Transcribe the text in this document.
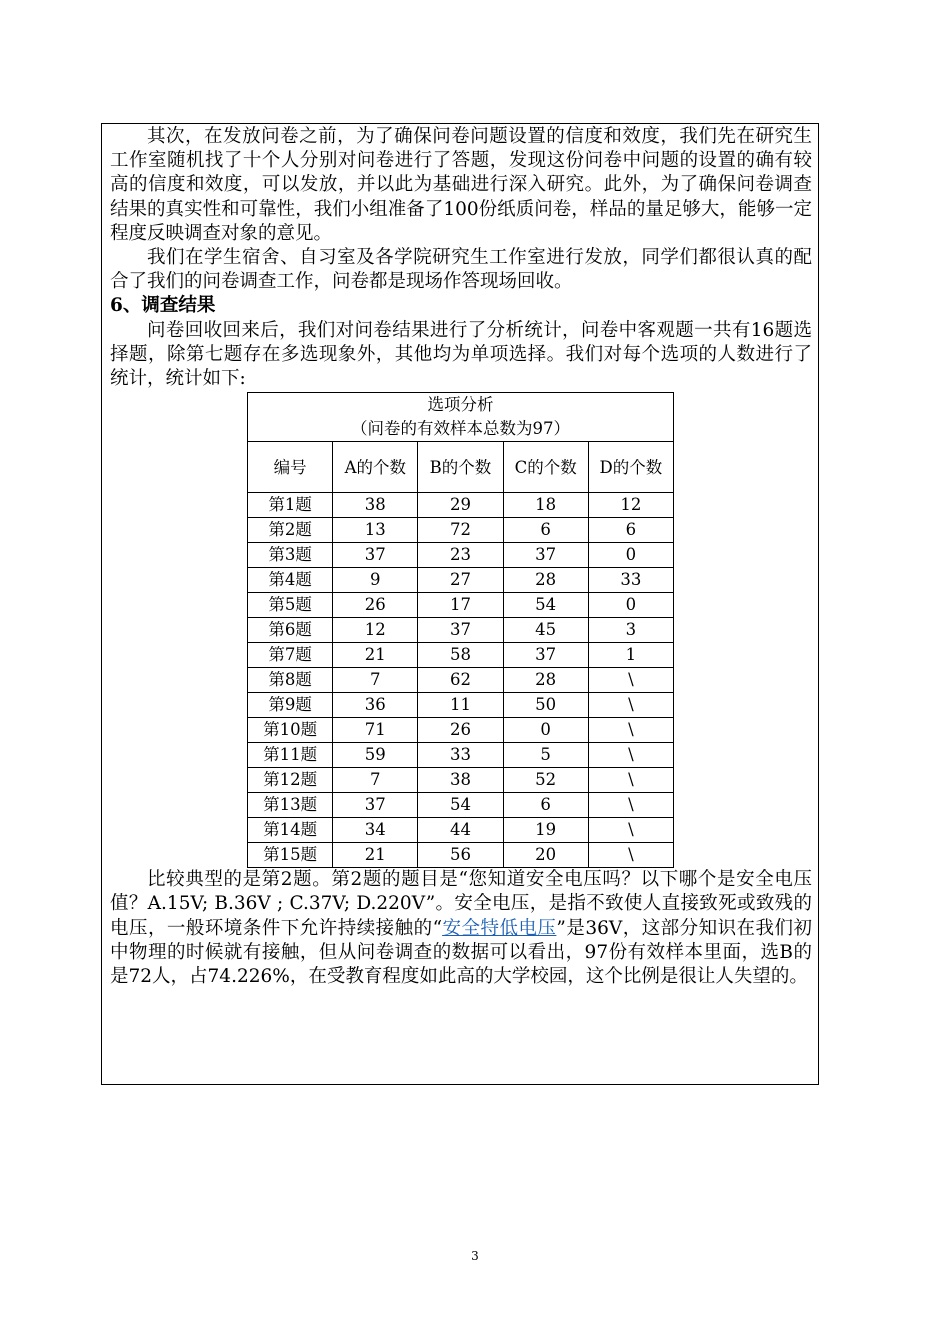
其次，在发放问卷之前，为了确保问卷问题设置的信度和效度，我们先在研究生工作室随机找了十个人分别对问卷进行了答题，发现这份问卷中问题的设置的确有较高的信度和效度，可以发放，并以此为基础进行深入研究。此外，为了确保问卷调查结果的真实性和可靠性，我们小组准备了100份纸质问卷，样品的量足够大，能够一定程度反映调查对象的意见。

我们在学生宿舍、自习室及各学院研究生工作室进行发放，同学们都很认真的配合了我们的问卷调查工作，问卷都是现场作答现场回收。

6、调查结果

问卷回收回来后，我们对问卷结果进行了分析统计，问卷中客观题一共有16题选择题，除第七题存在多选现象外，其他均为单项选择。我们对每个选项的人数进行了统计，统计如下:

选项分析
（问卷的有效样本总数为97）				

编号	A的个数	B的个数	C的个数	D的个数
第1题	38	29	18	12
第2题	13	72	6	6
第3题	37	23	37	0
第4题	9	27	28	33
第5题	26	17	54	0
第6题	12	37	45	3
第7题	21	58	37	1
第8题	7	62	28	\
第9题	36	11	50	\
第10题	71	26	0	\
第11题	59	33	5	\
第12题	7	38	52	\
第13题	37	54	6	\
第14题	34	44	19	\
第15题	21	56	20	\

比较典型的是第2题。第2题的题目是“您知道安全电压吗？以下哪个是安全电压值？A.15V; B.36V ; C.37V; D.220V”。安全电压，是指不致使人直接致死或致残的电压，一般环境条件下允许持续接触的“安全特低电压”是36V，这部分知识在我们初中物理的时候就有接触，但从问卷调查的数据可以看出，97份有效样本里面，选B的是72人，占74.226%，在受教育程度如此高的大学校园，这个比例是很让人失望的。

3
